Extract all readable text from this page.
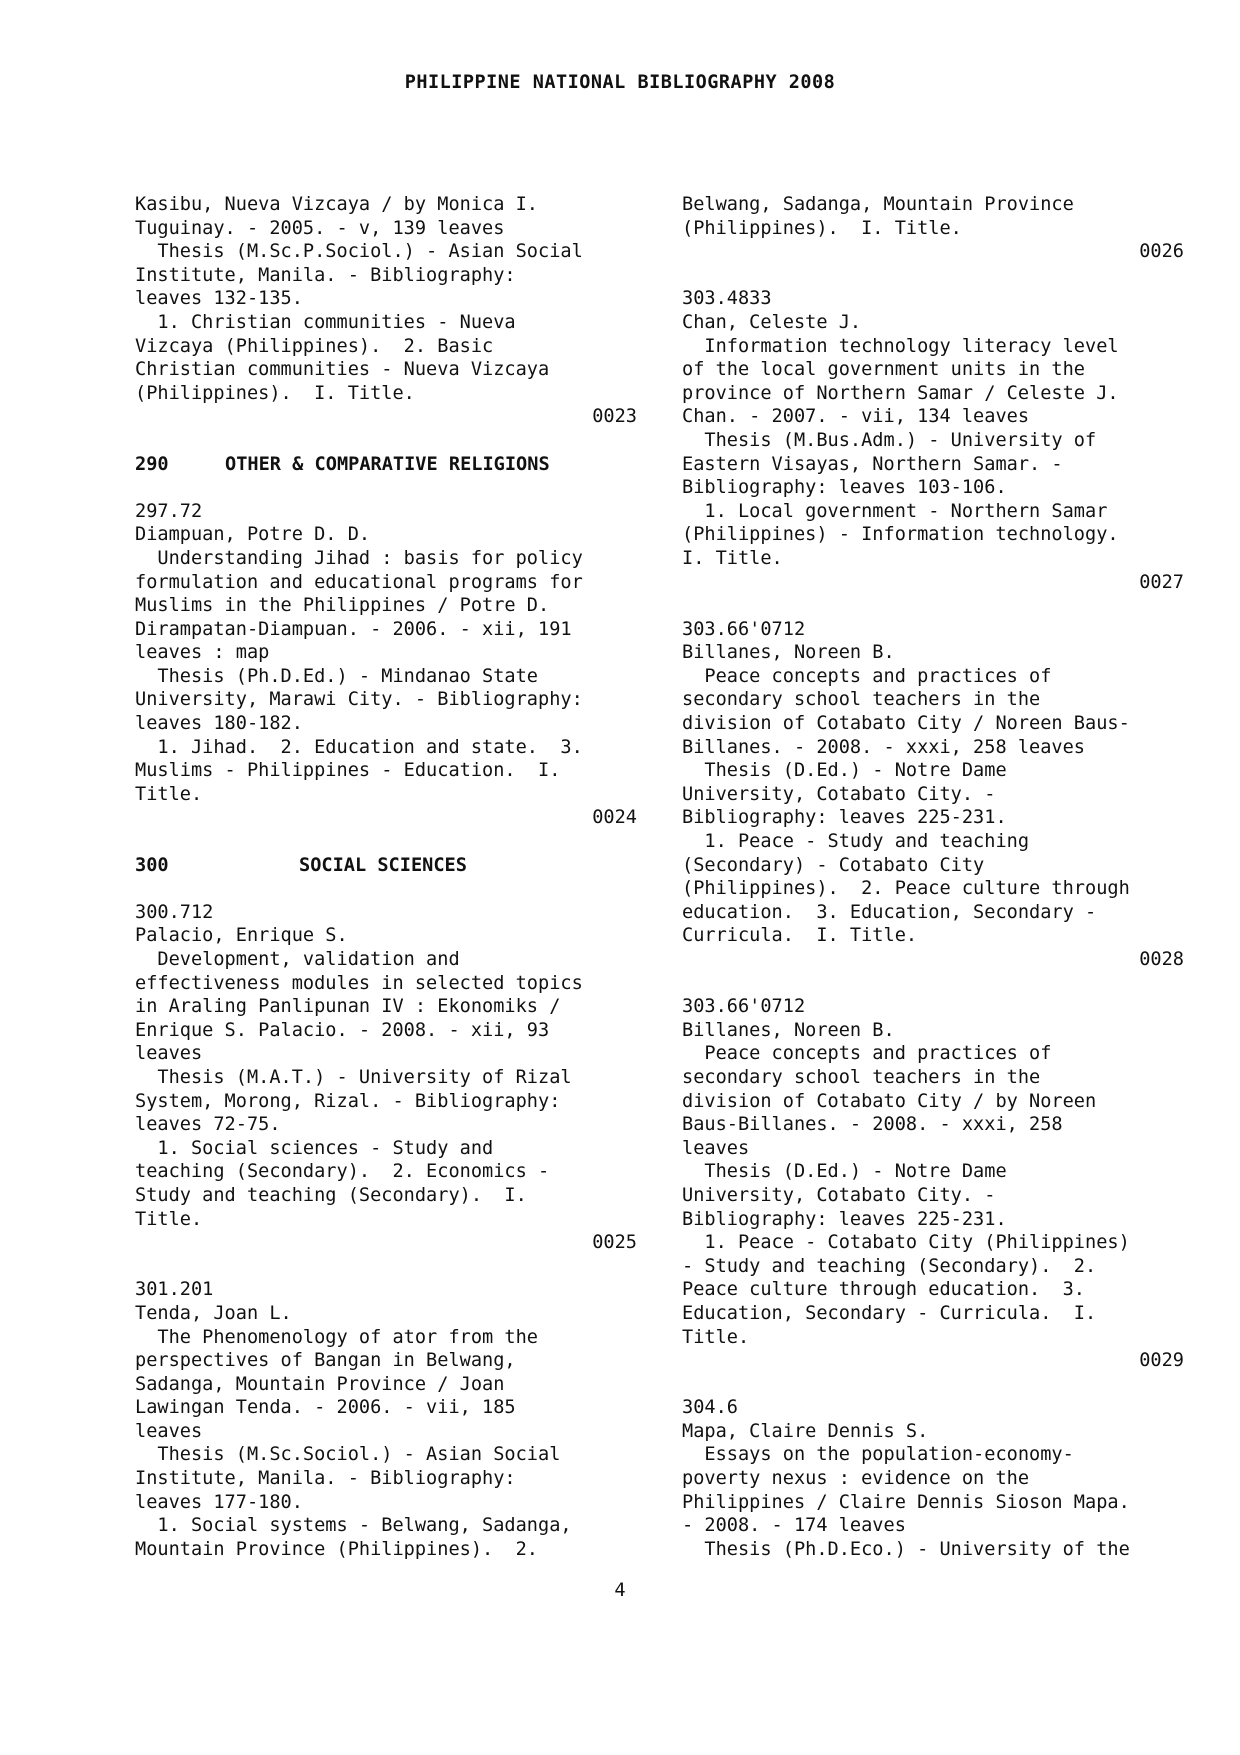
PHILIPPINE NATIONAL BIBLIOGRAPHY 2008
Kasibu, Nueva Vizcaya / by Monica I.
Tuguinay. - 2005. - v, 139 leaves
Thesis (M.Sc.P.Sociol.) - Asian Social
Institute, Manila. - Bibliography:
leaves 132-135.
1. Christian communities - Nueva
Vizcaya (Philippines).  2. Basic
Christian communities - Nueva Vizcaya
(Philippines).  I. Title.
0023
290	OTHER & COMPARATIVE RELIGIONS
297.72
Diampuan, Potre D. D.
Understanding Jihad : basis for policy
formulation and educational programs for
Muslims in the Philippines / Potre D.
Dirampatan-Diampuan. - 2006. - xii, 191
leaves : map
Thesis (Ph.D.Ed.) - Mindanao State
University, Marawi City. - Bibliography:
leaves 180-182.
1. Jihad.  2. Education and state.  3.
Muslims - Philippines - Education.  I.
Title.
0024
300	SOCIAL SCIENCES
300.712
Palacio, Enrique S.
Development, validation and
effectiveness modules in selected topics
in Araling Panlipunan IV : Ekonomiks /
Enrique S. Palacio. - 2008. - xii, 93
leaves
Thesis (M.A.T.) - University of Rizal
System, Morong, Rizal. - Bibliography:
leaves 72-75.
1. Social sciences - Study and
teaching (Secondary).  2. Economics -
Study and teaching (Secondary).  I.
Title.
0025
301.201
Tenda, Joan L.
The Phenomenology of ator from the
perspectives of Bangan in Belwang,
Sadanga, Mountain Province / Joan
Lawingan Tenda. - 2006. - vii, 185
leaves
Thesis (M.Sc.Sociol.) - Asian Social
Institute, Manila. - Bibliography:
leaves 177-180.
1. Social systems - Belwang, Sadanga,
Mountain Province (Philippines).  2.
Belwang, Sadanga, Mountain Province
(Philippines).  I. Title.
0026
303.4833
Chan, Celeste J.
Information technology literacy level
of the local government units in the
province of Northern Samar / Celeste J.
Chan. - 2007. - vii, 134 leaves
Thesis (M.Bus.Adm.) - University of
Eastern Visayas, Northern Samar. -
Bibliography: leaves 103-106.
1. Local government - Northern Samar
(Philippines) - Information technology.
I. Title.
0027
303.66'0712
Billanes, Noreen B.
Peace concepts and practices of
secondary school teachers in the
division of Cotabato City / Noreen Baus-
Billanes. - 2008. - xxxi, 258 leaves
Thesis (D.Ed.) - Notre Dame
University, Cotabato City. -
Bibliography: leaves 225-231.
1. Peace - Study and teaching
(Secondary) - Cotabato City
(Philippines).  2. Peace culture through
education.  3. Education, Secondary -
Curricula.  I. Title.
0028
303.66'0712
Billanes, Noreen B.
Peace concepts and practices of
secondary school teachers in the
division of Cotabato City / by Noreen
Baus-Billanes. - 2008. - xxxi, 258
leaves
Thesis (D.Ed.) - Notre Dame
University, Cotabato City. -
Bibliography: leaves 225-231.
1. Peace - Cotabato City (Philippines)
- Study and teaching (Secondary).  2.
Peace culture through education.  3.
Education, Secondary - Curricula.  I.
Title.
0029
304.6
Mapa, Claire Dennis S.
Essays on the population-economy-
poverty nexus : evidence on the
Philippines / Claire Dennis Sioson Mapa.
- 2008. - 174 leaves
Thesis (Ph.D.Eco.) - University of the
4
